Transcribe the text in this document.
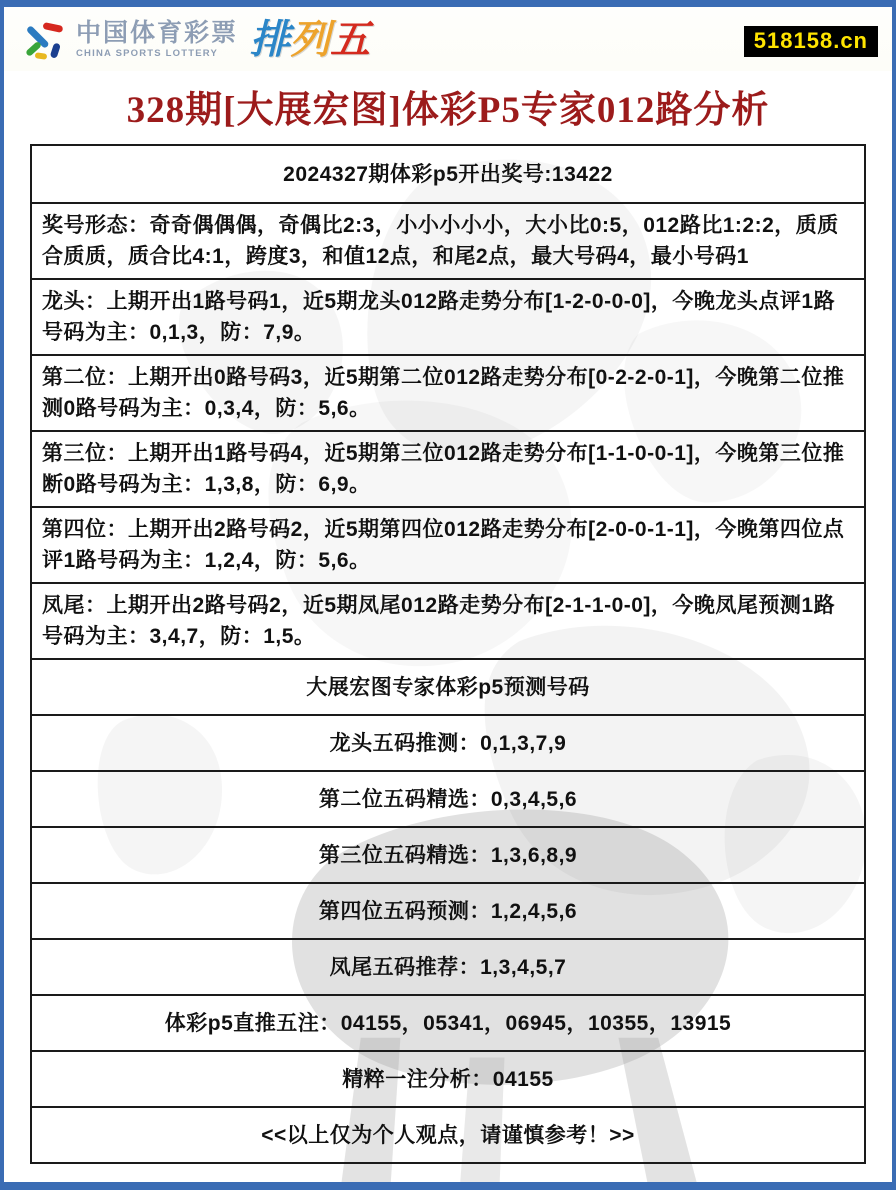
中国体育彩票
CHINA SPORTS LOTTERY 排 列 五	518158.cn
328期[大展宏图]体彩P5专家012路分析
2024327期体彩p5开出奖号:13422
奖号形态：奇奇偶偶偶，奇偶比2:3，小小小小小，大小比0:5，012路比1:2:2，质质合质质，质合比4:1，跨度3，和值12点，和尾2点，最大号码4，最小号码1
龙头：上期开出1路号码1，近5期龙头012路走势分布[1-2-0-0-0]，今晚龙头点评1路号码为主：0,1,3，防：7,9。
第二位：上期开出0路号码3，近5期第二位012路走势分布[0-2-2-0-1]，今晚第二位推测0路号码为主：0,3,4，防：5,6。
第三位：上期开出1路号码4，近5期第三位012路走势分布[1-1-0-0-1]，今晚第三位推断0路号码为主：1,3,8，防：6,9。
第四位：上期开出2路号码2，近5期第四位012路走势分布[2-0-0-1-1]，今晚第四位点评1路号码为主：1,2,4，防：5,6。
凤尾：上期开出2路号码2，近5期凤尾012路走势分布[2-1-1-0-0]，今晚凤尾预测1路号码为主：3,4,7，防：1,5。
大展宏图专家体彩p5预测号码
龙头五码推测：0,1,3,7,9
第二位五码精选：0,3,4,5,6
第三位五码精选：1,3,6,8,9
第四位五码预测：1,2,4,5,6
凤尾五码推荐：1,3,4,5,7
体彩p5直推五注：04155，05341，06945，10355，13915
精粹一注分析：04155
<<以上仅为个人观点，请谨慎参考！>>
